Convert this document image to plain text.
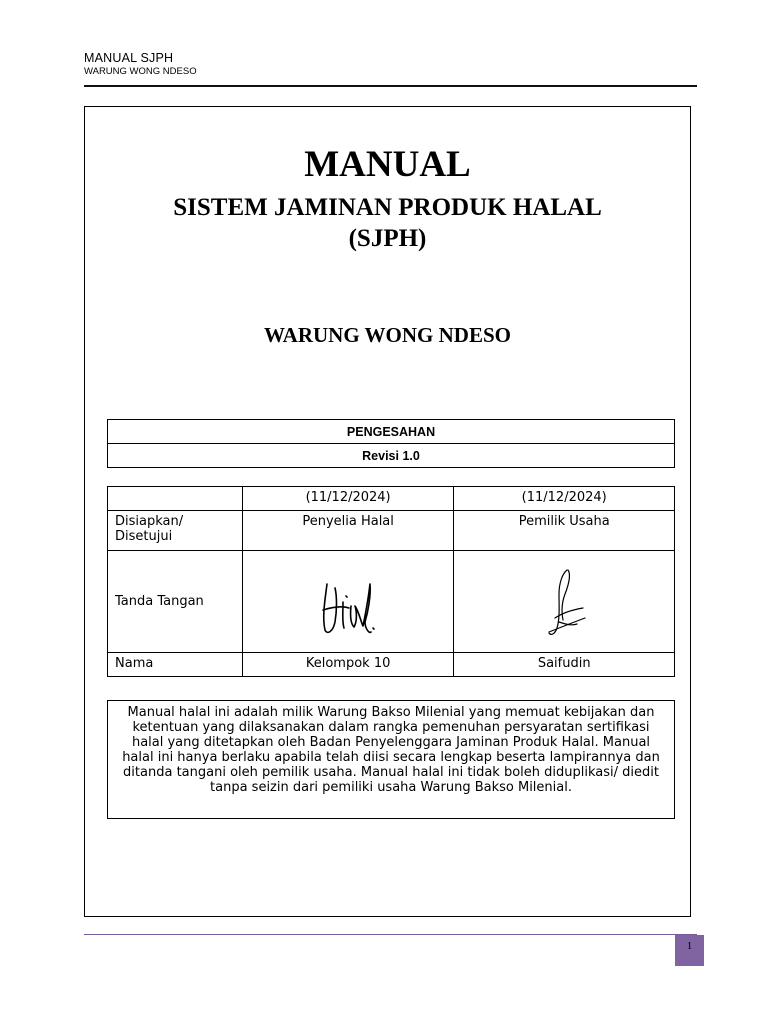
MANUAL SJPH
WARUNG WONG NDESO
MANUAL
SISTEM JAMINAN PRODUK HALAL
(SJPH)
WARUNG WONG NDESO
PENGESAHAN
Revisi 1.0
	(11/12/2024)	(11/12/2024)

Disiapkan/
Disetujui	Penyelia Halal	Pemilik Usaha
Tanda Tangan	

Nama	Kelompok 10	Saifudin
Manual halal ini adalah milik Warung Bakso Milenial yang memuat kebijakan dan ketentuan yang dilaksanakan dalam rangka pemenuhan persyaratan sertifikasi halal yang ditetapkan oleh Badan Penyelenggara Jaminan Produk Halal. Manual halal ini hanya berlaku apabila telah diisi secara lengkap beserta lampirannya dan ditanda tangani oleh pemilik usaha. Manual halal ini tidak boleh diduplikasi/ diedit tanpa seizin dari pemiliki usaha Warung Bakso Milenial.
1
